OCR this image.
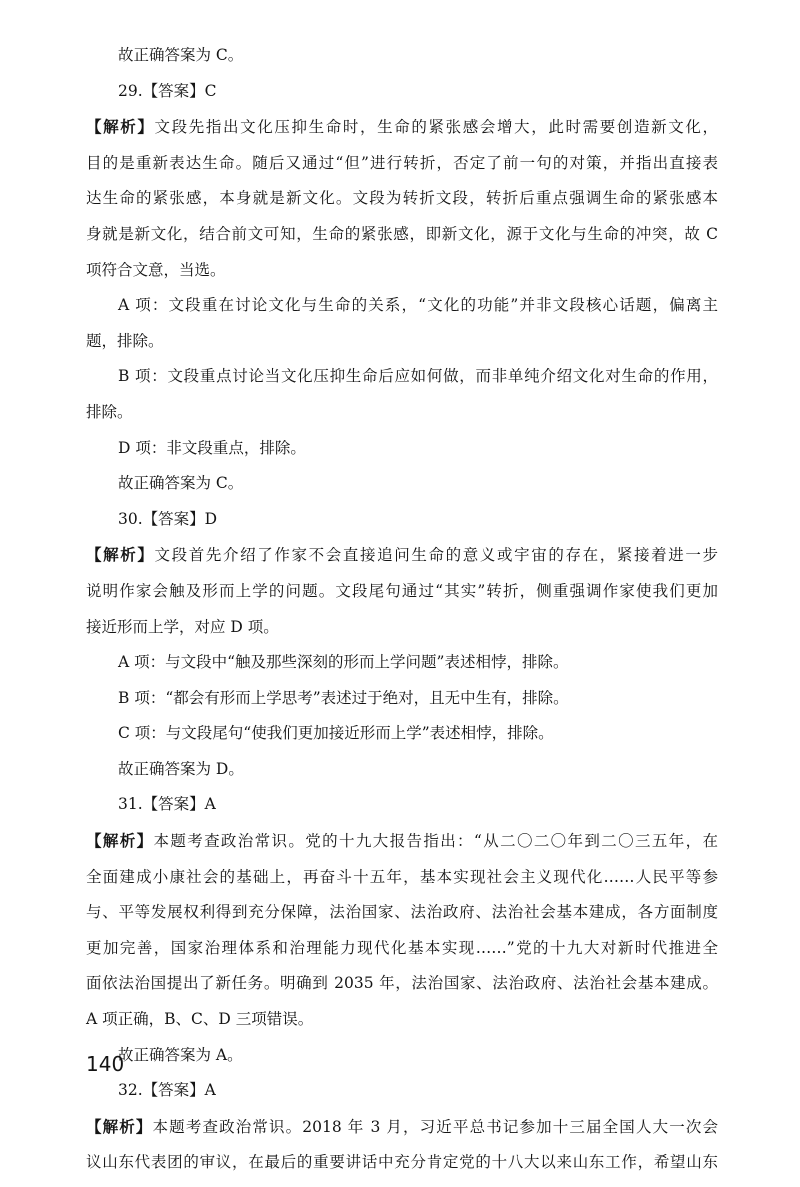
故正确答案为 C。
29.【答案】C
【解析】文段先指出文化压抑生命时，生命的紧张感会增大，此时需要创造新文化，
目的是重新表达生命。随后又通过“但”进行转折，否定了前一句的对策，并指出直接表
达生命的紧张感，本身就是新文化。文段为转折文段，转折后重点强调生命的紧张感本
身就是新文化，结合前文可知，生命的紧张感，即新文化，源于文化与生命的冲突，故 C
项符合文意，当选。
A 项：文段重在讨论文化与生命的关系，“文化的功能”并非文段核心话题，偏离主
题，排除。
B 项：文段重点讨论当文化压抑生命后应如何做，而非单纯介绍文化对生命的作用，
排除。
D 项：非文段重点，排除。
故正确答案为 C。
30.【答案】D
【解析】文段首先介绍了作家不会直接追问生命的意义或宇宙的存在，紧接着进一步
说明作家会触及形而上学的问题。文段尾句通过“其实”转折，侧重强调作家使我们更加
接近形而上学，对应 D 项。
A 项：与文段中“触及那些深刻的形而上学问题”表述相悖，排除。
B 项：“都会有形而上学思考”表述过于绝对，且无中生有，排除。
C 项：与文段尾句“使我们更加接近形而上学”表述相悖，排除。
故正确答案为 D。
31.【答案】A
【解析】本题考查政治常识。党的十九大报告指出：“从二〇二〇年到二〇三五年，在
全面建成小康社会的基础上，再奋斗十五年，基本实现社会主义现代化……人民平等参
与、平等发展权利得到充分保障，法治国家、法治政府、法治社会基本建成，各方面制度
更加完善，国家治理体系和治理能力现代化基本实现……”党的十九大对新时代推进全
面依法治国提出了新任务。明确到 2035 年，法治国家、法治政府、法治社会基本建成。
A 项正确，B、C、D 三项错误。
故正确答案为 A。
32.【答案】A
【解析】本题考查政治常识。2018 年 3 月，习近平总书记参加十三届全国人大一次会
议山东代表团的审议，在最后的重要讲话中充分肯定党的十八大以来山东工作，希望山东
140
